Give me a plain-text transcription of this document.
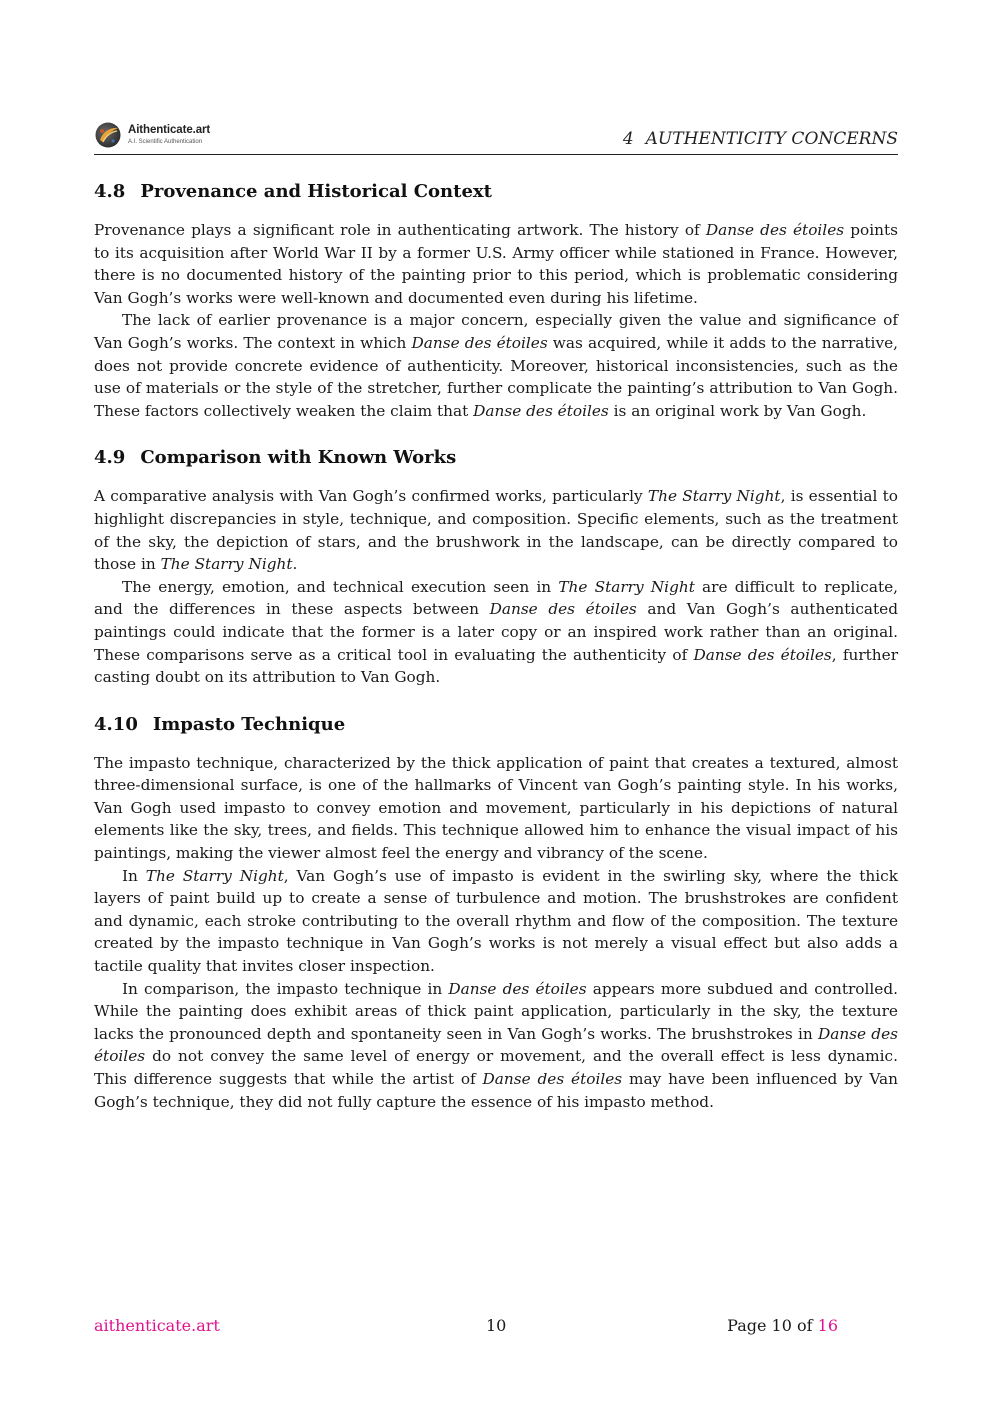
Aithenticate.art
A.I. Scientific Authentication	4 AUTHENTICITY CONCERNS
4.8 Provenance and Historical Context

Provenance plays a significant role in authenticating artwork. The history of Danse des étoiles points to its acquisition after World War II by a former U.S. Army officer while stationed in France. However, there is no documented history of the painting prior to this period, which is problematic considering Van Gogh’s works were well-known and documented even during his lifetime.

The lack of earlier provenance is a major concern, especially given the value and significance of Van Gogh’s works. The context in which Danse des étoiles was acquired, while it adds to the narrative, does not provide concrete evidence of authenticity. Moreover, historical inconsistencies, such as the use of materials or the style of the stretcher, further complicate the painting’s attribution to Van Gogh. These factors collectively weaken the claim that Danse des étoiles is an original work by Van Gogh.

4.9 Comparison with Known Works

A comparative analysis with Van Gogh’s confirmed works, particularly The Starry Night, is essential to highlight discrepancies in style, technique, and composition. Specific elements, such as the treatment of the sky, the depiction of stars, and the brushwork in the landscape, can be directly compared to those in The Starry Night.

The energy, emotion, and technical execution seen in The Starry Night are difficult to replicate, and the differences in these aspects between Danse des étoiles and Van Gogh’s authenticated paintings could indicate that the former is a later copy or an inspired work rather than an original. These comparisons serve as a critical tool in evaluating the authenticity of Danse des étoiles, further casting doubt on its attribution to Van Gogh.

4.10 Impasto Technique

The impasto technique, characterized by the thick application of paint that creates a textured, almost three-dimensional surface, is one of the hallmarks of Vincent van Gogh’s painting style. In his works, Van Gogh used impasto to convey emotion and movement, particularly in his depictions of natural elements like the sky, trees, and fields. This technique allowed him to enhance the visual impact of his paintings, making the viewer almost feel the energy and vibrancy of the scene.

In The Starry Night, Van Gogh’s use of impasto is evident in the swirling sky, where the thick layers of paint build up to create a sense of turbulence and motion. The brushstrokes are confident and dynamic, each stroke contributing to the overall rhythm and flow of the composition. The texture created by the impasto technique in Van Gogh’s works is not merely a visual effect but also adds a tactile quality that invites closer inspection.

In comparison, the impasto technique in Danse des étoiles appears more subdued and controlled. While the painting does exhibit areas of thick paint application, particularly in the sky, the texture lacks the pronounced depth and spontaneity seen in Van Gogh’s works. The brushstrokes in Danse des étoiles do not convey the same level of energy or movement, and the overall effect is less dynamic. This difference suggests that while the artist of Danse des étoiles may have been influenced by Van Gogh’s technique, they did not fully capture the essence of his impasto method.

aithenticate.art	10	Page 10 of 16
